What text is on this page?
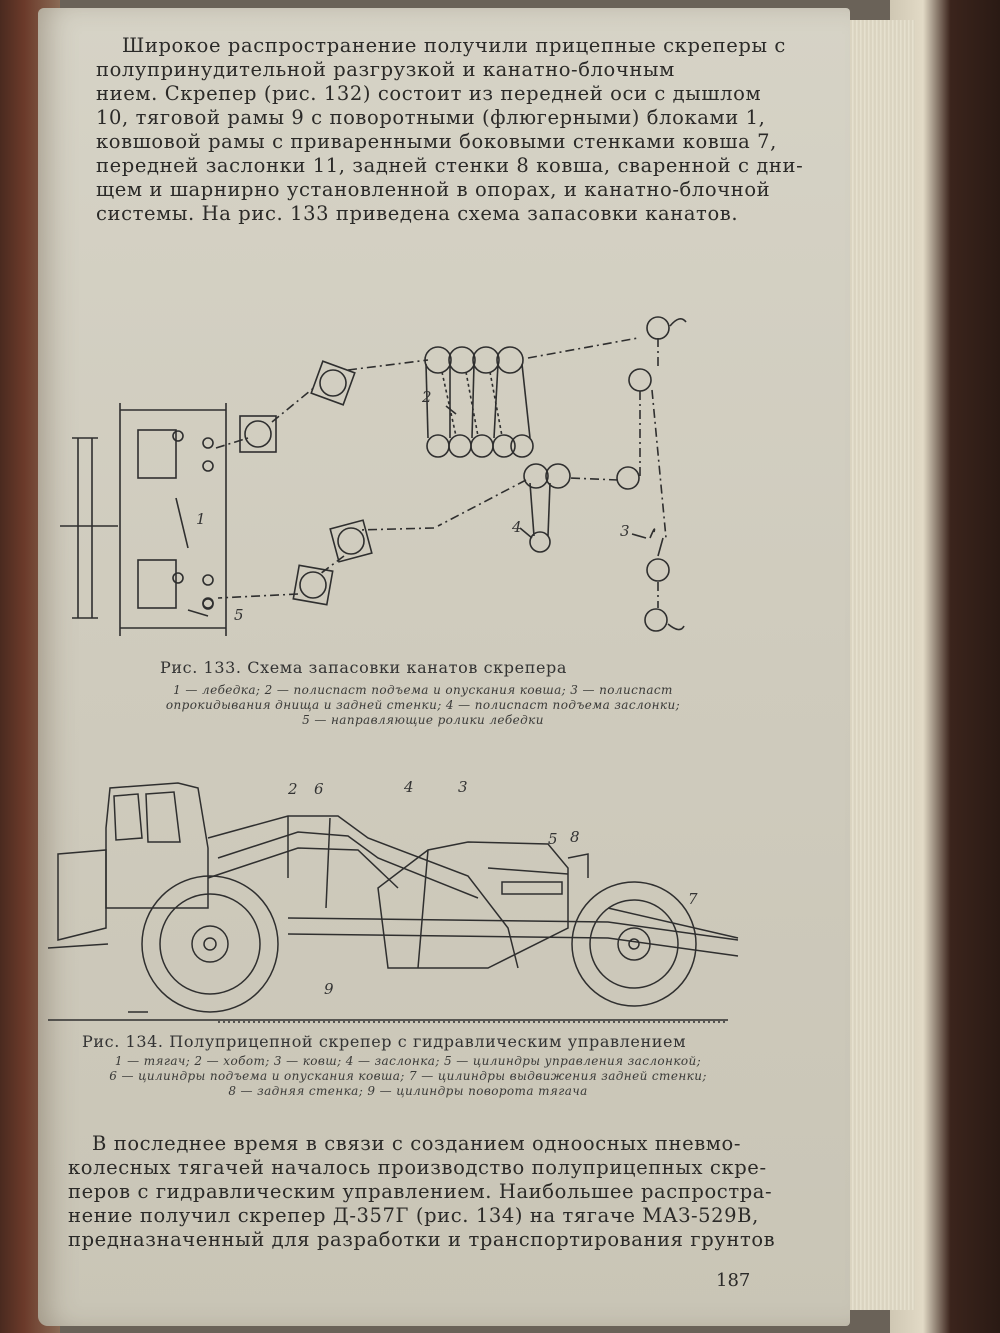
Широкое распространение получили прицепные скреперы с
полупринудительной разгрузкой и канатно-блочным
нием. Скрепер (рис. 132) состоит из передней оси с дышлом
10, тяговой рамы 9 с поворотными (флюгерными) блоками 1,
ковшовой рамы с приваренными боковыми стенками ковша 7,
передней заслонки 11, задней стенки 8 ковша, сваренной с дни-
щем и шарнирно установленной в опорах, и канатно-блочной
системы. На рис. 133 приведена схема запасовки канатов.
1
2
3
4
5
Рис. 133. Схема запасовки канатов скрепера
1 — лебедка; 2 — полиспаст подъема и опускания ковша; 3 — полиспаст
опрокидывания днища и задней стенки; 4 — полиспаст подъема заслонки;
5 — направляющие ролики лебедки
2 6	4	3
5 8
7
9
Рис. 134. Полуприцепной скрепер с гидравлическим управлением
1 — тягач; 2 — хобот; 3 — ковш; 4 — заслонка; 5 — цилиндры управления заслонкой;
6 — цилиндры подъема и опускания ковша; 7 — цилиндры выдвижения задней стенки;
8 — задняя стенка; 9 — цилиндры поворота тягача
В последнее время в связи с созданием одноосных пневмо-
колесных тягачей началось производство полуприцепных скре-
перов с гидравлическим управлением. Наибольшее распростра-
нение получил скрепер Д-357Г (рис. 134) на тягаче МАЗ-529В,
предназначенный для разработки и транспортирования грунтов
187
